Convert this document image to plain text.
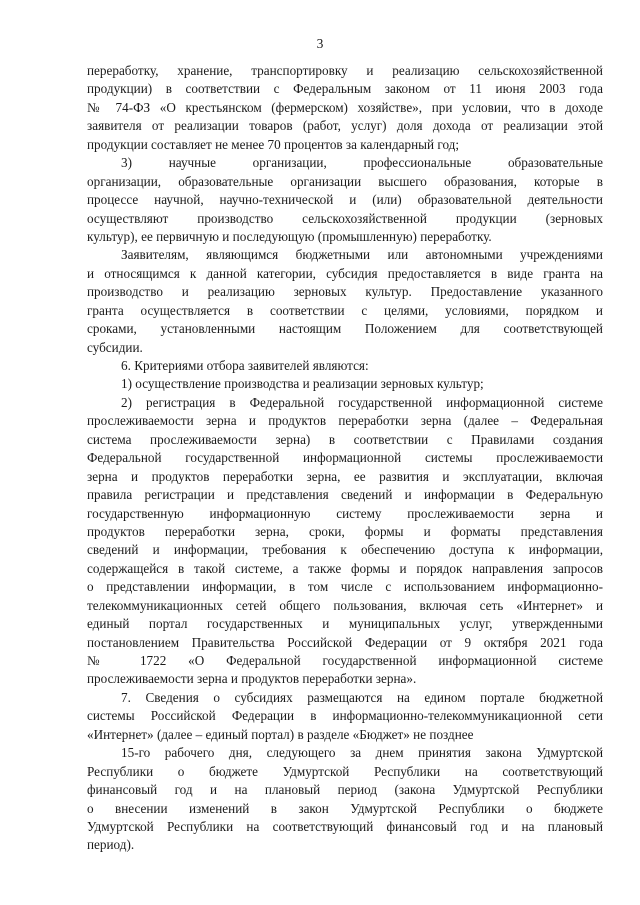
3
переработку, хранение, транспортировку и реализацию сельскохозяйственной
продукции) в соответствии с Федеральным законом от 11 июня 2003 года
№ 74-ФЗ «О крестьянском (фермерском) хозяйстве», при условии, что в доходе
заявителя от реализации товаров (работ, услуг) доля дохода от реализации этой
продукции составляет не менее 70 процентов за календарный год;
3) научные организации, профессиональные образовательные
организации, образовательные организации высшего образования, которые в
процессе научной, научно-технической и (или) образовательной деятельности
осуществляют производство сельскохозяйственной продукции (зерновых
культур), ее первичную и последующую (промышленную) переработку.
Заявителям, являющимся бюджетными или автономными учреждениями
и относящимся к данной категории, субсидия предоставляется в виде гранта на
производство и реализацию зерновых культур. Предоставление указанного
гранта осуществляется в соответствии с целями, условиями, порядком и
сроками, установленными настоящим Положением для соответствующей
субсидии.
6. Критериями отбора заявителей являются:
1) осуществление производства и реализации зерновых культур;
2) регистрация в Федеральной государственной информационной системе
прослеживаемости зерна и продуктов переработки зерна (далее – Федеральная
система прослеживаемости зерна) в соответствии с Правилами создания
Федеральной государственной информационной системы прослеживаемости
зерна и продуктов переработки зерна, ее развития и эксплуатации, включая
правила регистрации и представления сведений и информации в Федеральную
государственную информационную систему прослеживаемости зерна и
продуктов переработки зерна, сроки, формы и форматы представления
сведений и информации, требования к обеспечению доступа к информации,
содержащейся в такой системе, а также формы и порядок направления запросов
о представлении информации, в том числе с использованием информационно-
телекоммуникационных сетей общего пользования, включая сеть «Интернет» и
единый портал государственных и муниципальных услуг, утвержденными
постановлением Правительства Российской Федерации от 9 октября 2021 года
№ 1722 «О Федеральной государственной информационной системе
прослеживаемости зерна и продуктов переработки зерна».
7. Сведения о субсидиях размещаются на едином портале бюджетной
системы Российской Федерации в информационно-телекоммуникационной сети
«Интернет» (далее – единый портал) в разделе «Бюджет» не позднее
15-го рабочего дня, следующего за днем принятия закона Удмуртской
Республики о бюджете Удмуртской Республики на соответствующий
финансовый год и на плановый период (закона Удмуртской Республики
о внесении изменений в закон Удмуртской Республики о бюджете
Удмуртской Республики на соответствующий финансовый год и на плановый
период).
